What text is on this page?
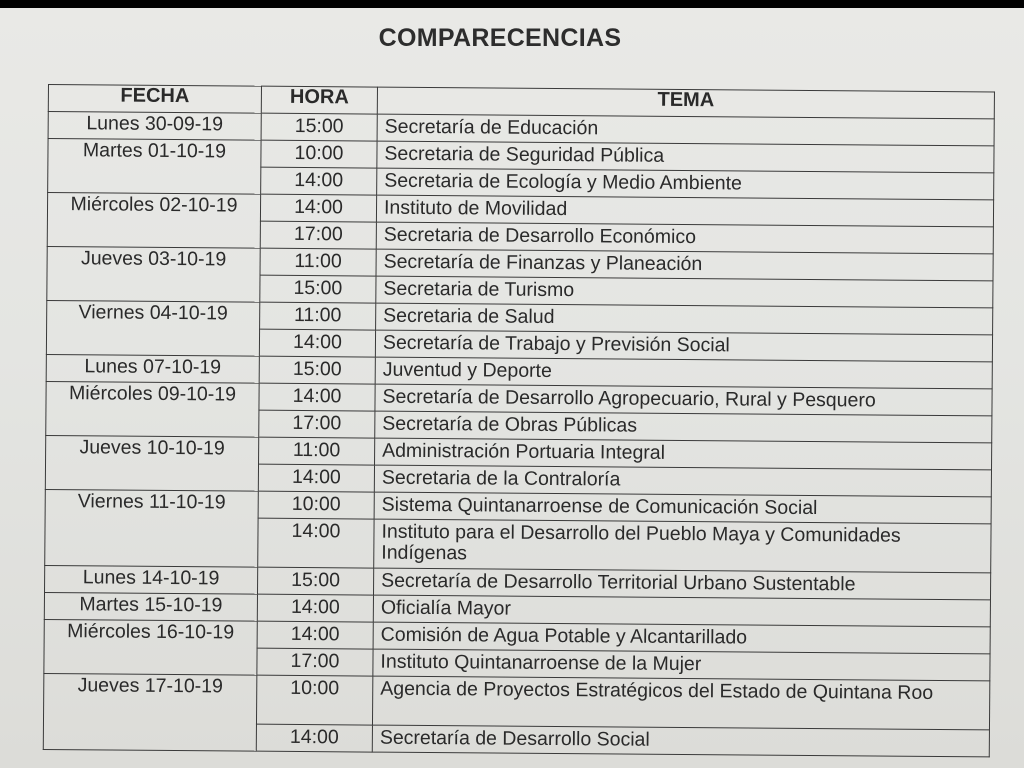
COMPARECENCIAS
FECHA	HORA	TEMA
Lunes 30-09-19	15:00	Secretaría de Educación
Martes 01-10-19	10:00	Secretaria de Seguridad Pública
	14:00	Secretaria de Ecología y Medio Ambiente
Miércoles 02-10-19	14:00	Instituto de Movilidad
	17:00	Secretaria de Desarrollo Económico
Jueves 03-10-19	11:00	Secretaría de Finanzas y Planeación
	15:00	Secretaria de Turismo
Viernes 04-10-19	11:00	Secretaria de Salud
	14:00	Secretaría de Trabajo y Previsión Social
Lunes 07-10-19	15:00	Juventud y Deporte
Miércoles 09-10-19	14:00	Secretaría de Desarrollo Agropecuario, Rural y Pesquero
	17:00	Secretaría de Obras Públicas
Jueves 10-10-19	11:00	Administración Portuaria Integral
	14:00	Secretaria de la Contraloría
Viernes 11-10-19	10:00	Sistema Quintanarroense de Comunicación Social
	14:00	Instituto para el Desarrollo del Pueblo Maya y Comunidades Indígenas
Lunes 14-10-19	15:00	Secretaría de Desarrollo Territorial Urbano Sustentable
Martes 15-10-19	14:00	Oficialía Mayor
Miércoles 16-10-19	14:00	Comisión de Agua Potable y Alcantarillado
	17:00	Instituto Quintanarroense de la Mujer
Jueves 17-10-19	10:00	Agencia de Proyectos Estratégicos del Estado de Quintana Roo
	14:00	Secretaría de Desarrollo Social
